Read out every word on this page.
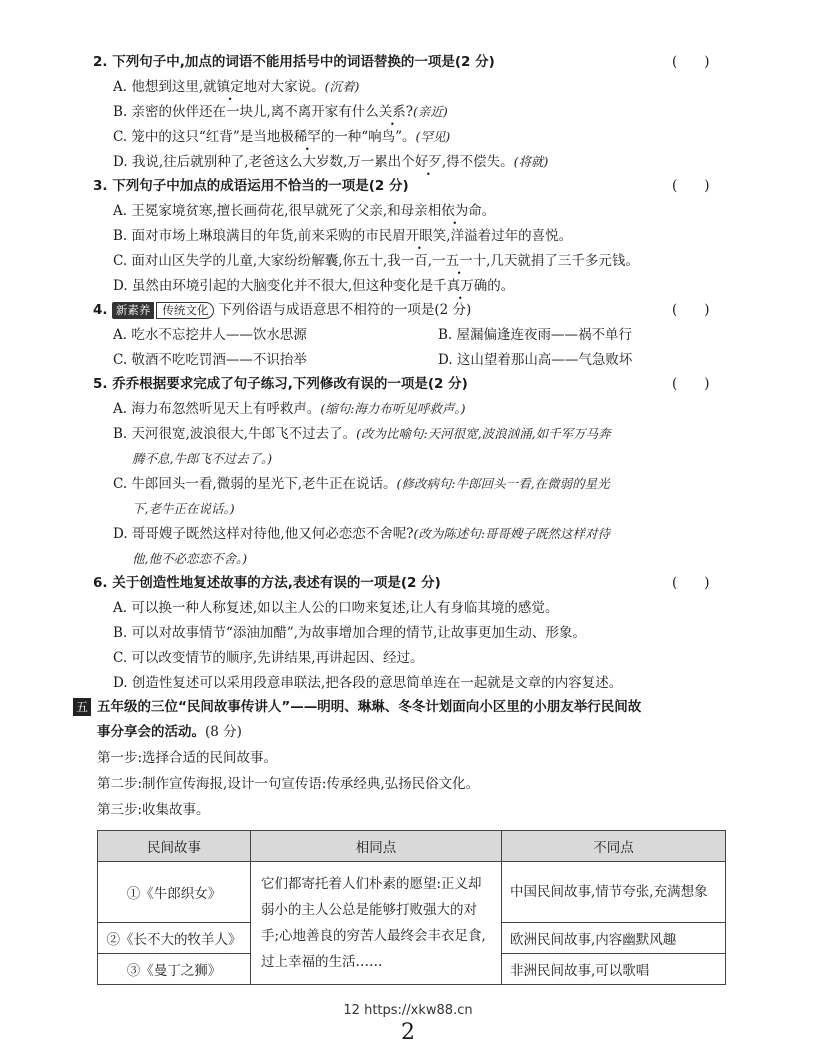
2. 下列句子中,加点的词语不能用括号中的词语替换的一项是(2 分)	(　　)
A. 他想到这里,就镇定地对大家说。(沉着)
B. 亲密的伙伴还在一块儿,离不离开家有什么关系?(亲近)
C. 笼中的这只“红背”是当地极稀罕的一种“响鸟”。(罕见)
D. 我说,往后就别种了,老爸这么大岁数,万一累出个好歹,得不偿失。(将就)
3. 下列句子中加点的成语运用不恰当的一项是(2 分)	(　　)
A. 王冕家境贫寒,擅长画荷花,很早就死了父亲,和母亲相依为命。
B. 面对市场上琳琅满目的年货,前来采购的市民眉开眼笑,洋溢着过年的喜悦。
C. 面对山区失学的儿童,大家纷纷解囊,你五十,我一百,一五一十,几天就捐了三千多元钱。
D. 虽然由环境引起的大脑变化并不很大,但这种变化是千真万确的。
4. 新素养 传统文化 下列俗语与成语意思不相符的一项是(2 分)	(　　)
A. 吃水不忘挖井人——饮水思源	B. 屋漏偏逢连夜雨——祸不单行
C. 敬酒不吃吃罚酒——不识抬举	D. 这山望着那山高——气急败坏
5. 乔乔根据要求完成了句子练习,下列修改有误的一项是(2 分)	(　　)
A. 海力布忽然听见天上有呼救声。(缩句:海力布听见呼救声。)
B. 天河很宽,波浪很大,牛郎飞不过去了。(改为比喻句:天河很宽,波浪汹涌,如千军万马奔
腾不息,牛郎飞不过去了。)
C. 牛郎回头一看,微弱的星光下,老牛正在说话。(修改病句:牛郎回头一看,在微弱的星光
下,老牛正在说话。)
D. 哥哥嫂子既然这样对待他,他又何必恋恋不舍呢?(改为陈述句:哥哥嫂子既然这样对待
他,他不必恋恋不舍。)
6. 关于创造性地复述故事的方法,表述有误的一项是(2 分)	(　　)
A. 可以换一种人称复述,如以主人公的口吻来复述,让人有身临其境的感觉。
B. 可以对故事情节“添油加醋”,为故事增加合理的情节,让故事更加生动、形象。
C. 可以改变情节的顺序,先讲结果,再讲起因、经过。
D. 创造性复述可以采用段意串联法,把各段的意思简单连在一起就是文章的内容复述。
五 五年级的三位“民间故事传讲人”——明明、琳琳、冬冬计划面向小区里的小朋友举行民间故
事分享会的活动。(8 分)
第一步:选择合适的民间故事。
第二步:制作宣传海报,设计一句宣传语:传承经典,弘扬民俗文化。
第三步:收集故事。
民间故事	相同点	不同点
①《牛郎织女》	它们都寄托着人们朴素的愿望:正义却弱小的主人公总是能够打败强大的对手;心地善良的穷苦人最终会丰衣足食,过上幸福的生活……	中国民间故事,情节夸张,充满想象
②《长不大的牧羊人》		欧洲民间故事,内容幽默风趣
③《曼丁之狮》		非洲民间故事,可以歌唱
12 https://xkw88.cn
2
